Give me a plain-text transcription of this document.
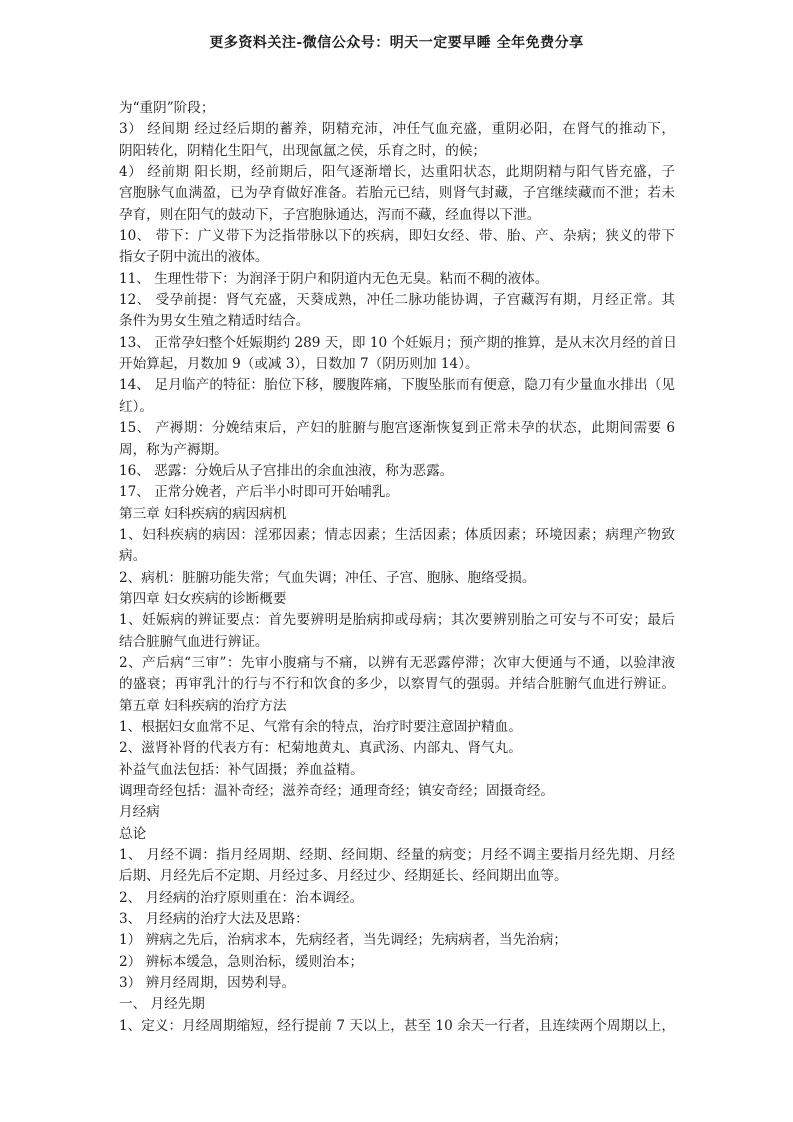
更多资料关注-微信公众号：明天一定要早睡 全年免费分享
为“重阴”阶段；
3） 经间期 经过经后期的蓄养，阴精充沛，冲任气血充盛，重阴必阳，在肾气的推动下，
阴阳转化，阴精化生阳气，出现氤氲之侯，乐育之时，的候；
4） 经前期 阳长期，经前期后，阳气逐渐增长，达重阳状态，此期阴精与阳气皆充盛，子
宫胞脉气血满盈，已为孕育做好准备。若胎元已结，则肾气封藏，子宫继续藏而不泄；若未
孕育，则在阳气的鼓动下，子宫胞脉通达，泻而不藏，经血得以下泄。
10、 带下：广义带下为泛指带脉以下的疾病，即妇女经、带、胎、产、杂病；狭义的带下
指女子阴中流出的液体。
11、 生理性带下：为润泽于阴户和阴道内无色无臭。粘而不稠的液体。
12、 受孕前提：肾气充盛，天葵成熟，冲任二脉功能协调，子宫藏泻有期，月经正常。其
条件为男女生殖之精适时结合。
13、 正常孕妇整个妊娠期约 289 天，即 10 个妊娠月；预产期的推算，是从末次月经的首日
开始算起，月数加 9（或减 3），日数加 7（阴历则加 14）。
14、 足月临产的特征：胎位下移，腰腹阵痛，下腹坠胀而有便意，隐刀有少量血水排出（见
红）。
15、 产褥期：分娩结束后，产妇的脏腑与胞宫逐渐恢复到正常未孕的状态，此期间需要 6
周，称为产褥期。
16、 恶露：分娩后从子宫排出的余血浊液，称为恶露。
17、 正常分娩者，产后半小时即可开始哺乳。
第三章 妇科疾病的病因病机
1、妇科疾病的病因：淫邪因素；情志因素；生活因素；体质因素；环境因素；病理产物致
病。
2、病机：脏腑功能失常；气血失调；冲任、子宫、胞脉、胞络受损。
第四章 妇女疾病的诊断概要
1、妊娠病的辨证要点：首先要辨明是胎病抑或母病；其次要辨别胎之可安与不可安；最后
结合脏腑气血进行辨证。
2、产后病“三审”：先审小腹痛与不痛，以辨有无恶露停滞；次审大便通与不通，以验津液
的盛衰；再审乳汁的行与不行和饮食的多少，以察胃气的强弱。并结合脏腑气血进行辨证。
第五章 妇科疾病的治疗方法
1、根据妇女血常不足、气常有余的特点，治疗时要注意固护精血。
2、滋肾补肾的代表方有：杞菊地黄丸、真武汤、内部丸、肾气丸。
补益气血法包括：补气固摄；养血益精。
调理奇经包括：温补奇经；滋养奇经；通理奇经；镇安奇经；固摄奇经。
月经病
总论
1、 月经不调：指月经周期、经期、经间期、经量的病变；月经不调主要指月经先期、月经
后期、月经先后不定期、月经过多、月经过少、经期延长、经间期出血等。
2、 月经病的治疗原则重在：治本调经。
3、 月经病的治疗大法及思路：
1） 辨病之先后，治病求本，先病经者，当先调经；先病病者，当先治病；
2） 辨标本缓急，急则治标，缓则治本；
3） 辨月经周期，因势利导。
一、 月经先期
1、定义：月经周期缩短，经行提前 7 天以上，甚至 10 余天一行者，且连续两个周期以上，
